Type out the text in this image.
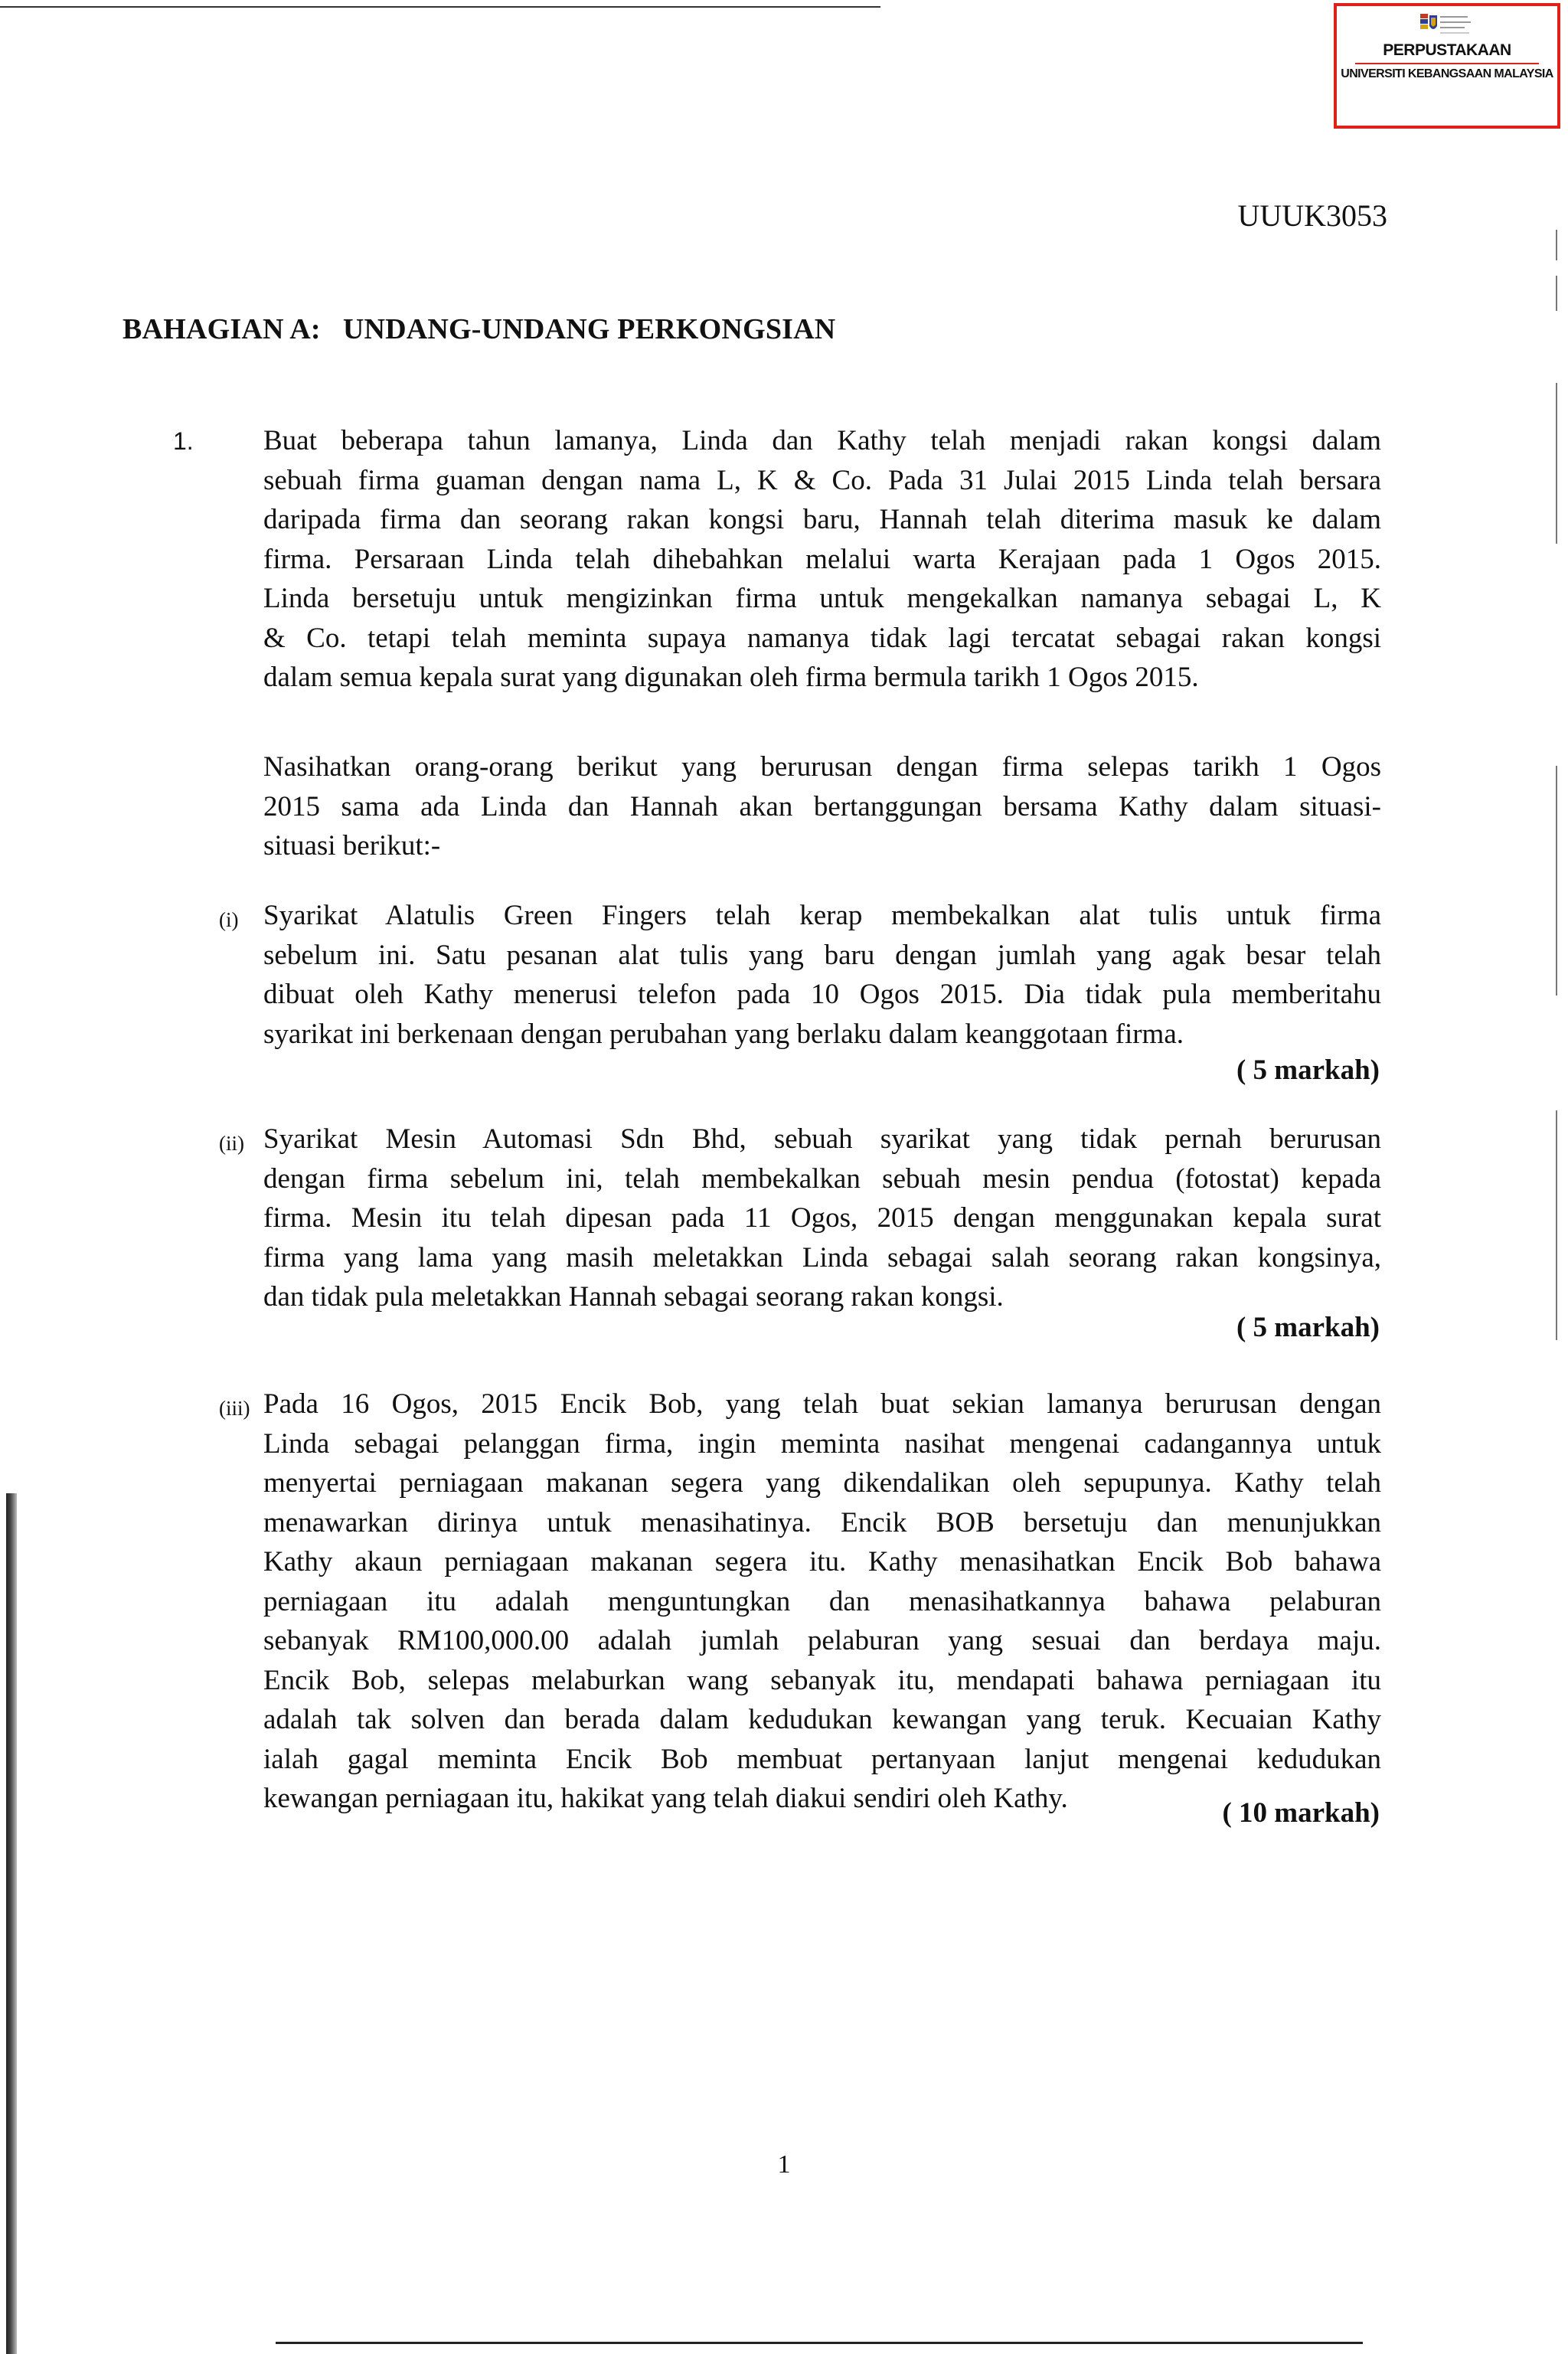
PERPUSTAKAAN
UNIVERSITI KEBANGSAAN MALAYSIA
UUUK3053
BAHAGIAN A:   UNDANG-UNDANG PERKONGSIAN
1. Buat beberapa tahun lamanya, Linda dan Kathy telah menjadi rakan kongsi dalam
sebuah firma guaman dengan nama L, K & Co. Pada 31 Julai 2015 Linda telah bersara
daripada firma dan seorang rakan kongsi baru, Hannah telah diterima masuk ke dalam
firma. Persaraan Linda telah dihebahkan melalui warta Kerajaan pada 1 Ogos 2015.
Linda bersetuju untuk mengizinkan firma untuk mengekalkan namanya sebagai L, K
& Co. tetapi telah meminta supaya namanya tidak lagi tercatat sebagai rakan kongsi
dalam semua kepala surat yang digunakan oleh firma bermula tarikh 1 Ogos 2015.
Nasihatkan orang-orang berikut yang berurusan dengan firma selepas tarikh 1 Ogos
2015 sama ada Linda dan Hannah akan bertanggungan bersama Kathy dalam situasi-
situasi berikut:-
(i) Syarikat Alatulis Green Fingers telah kerap membekalkan alat tulis untuk firma
sebelum ini. Satu pesanan alat tulis yang baru dengan jumlah yang agak besar telah
dibuat oleh Kathy menerusi telefon pada 10 Ogos 2015. Dia tidak pula memberitahu
syarikat ini berkenaan dengan perubahan yang berlaku dalam keanggotaan firma.
( 5 markah)
(ii) Syarikat Mesin Automasi Sdn Bhd, sebuah syarikat yang tidak pernah berurusan
dengan firma sebelum ini, telah membekalkan sebuah mesin pendua (fotostat) kepada
firma. Mesin itu telah dipesan pada 11 Ogos, 2015 dengan menggunakan kepala surat
firma yang lama yang masih meletakkan Linda sebagai salah seorang rakan kongsinya,
dan tidak pula meletakkan Hannah sebagai seorang rakan kongsi.
( 5 markah)
(iii) Pada 16 Ogos, 2015 Encik Bob, yang telah buat sekian lamanya berurusan dengan
Linda sebagai pelanggan firma, ingin meminta nasihat mengenai cadangannya untuk
menyertai perniagaan makanan segera yang dikendalikan oleh sepupunya. Kathy telah
menawarkan dirinya untuk menasihatinya. Encik BOB bersetuju dan menunjukkan
Kathy akaun perniagaan makanan segera itu. Kathy menasihatkan Encik Bob bahawa
perniagaan itu adalah menguntungkan dan menasihatkannya bahawa pelaburan
sebanyak RM100,000.00 adalah jumlah pelaburan yang sesuai dan berdaya maju.
Encik Bob, selepas melaburkan wang sebanyak itu, mendapati bahawa perniagaan itu
adalah tak solven dan berada dalam kedudukan kewangan yang teruk. Kecuaian Kathy
ialah gagal meminta Encik Bob membuat pertanyaan lanjut mengenai kedudukan
kewangan perniagaan itu, hakikat yang telah diakui sendiri oleh Kathy.	( 10 markah)
1
